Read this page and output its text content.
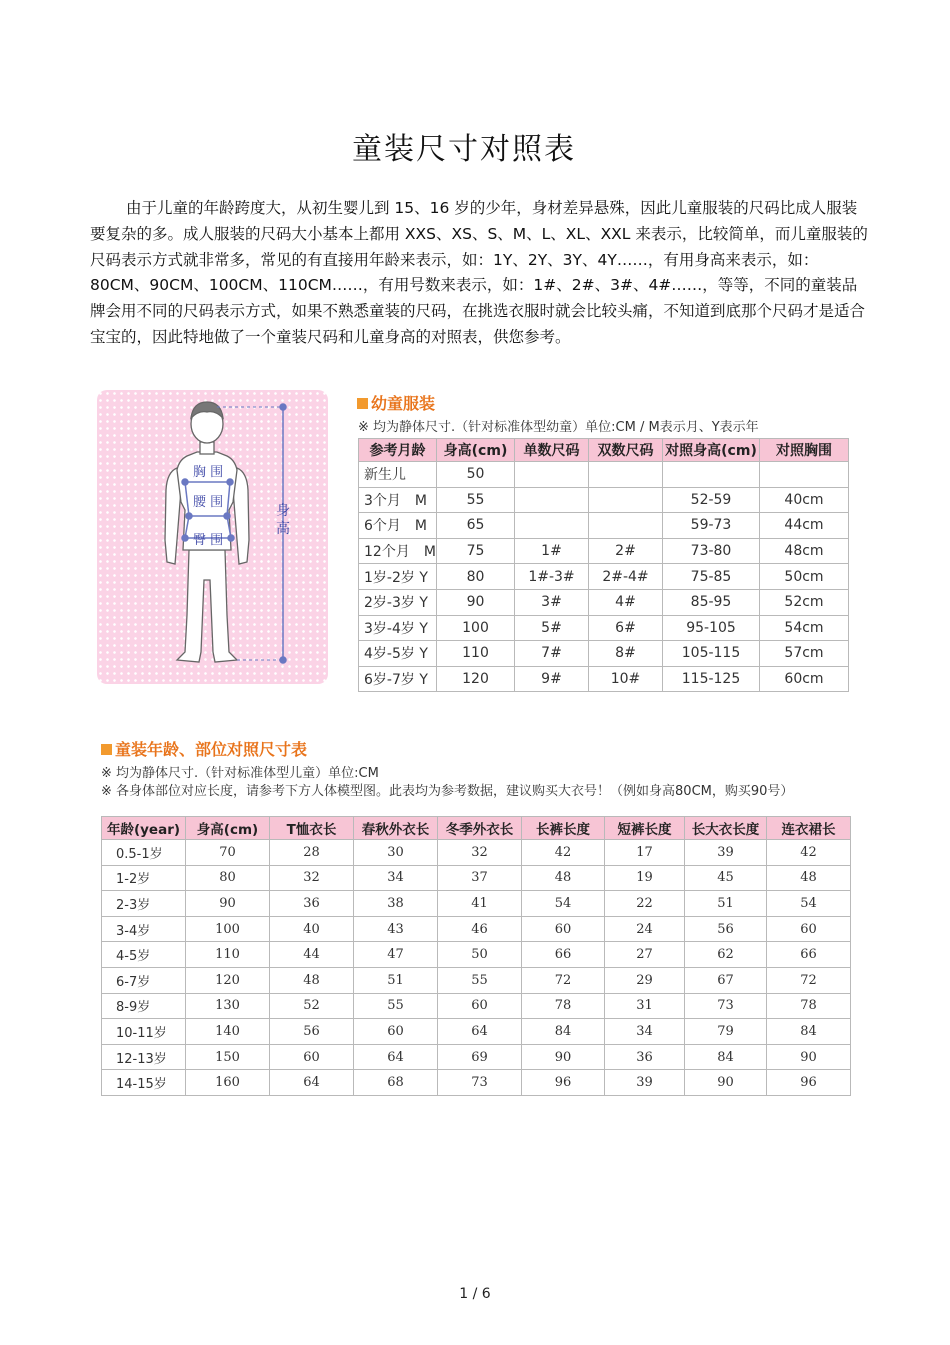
童装尺寸对照表

由于儿童的年龄跨度大，从初生婴儿到 15、16 岁的少年，身材差异悬殊，因此儿童服装的尺码比成人服装要复杂的多。成人服装的尺码大小基本上都用 XXS、XS、S、M、L、XL、XXL 来表示，比较简单，而儿童服装的尺码表示方式就非常多，常见的有直接用年龄来表示，如：1Y、2Y、3Y、4Y……，有用身高来表示，如：80CM、90CM、100CM、110CM……，有用号数来表示，如：1#、2#、3#、4#……，等等，不同的童装品牌会用不同的尺码表示方式，如果不熟悉童装的尺码，在挑选衣服时就会比较头痛，不知道到底那个尺码才是适合宝宝的，因此特地做了一个童装尺码和儿童身高的对照表，供您参考。

胸 围
腰 围
臀 围
身
高
幼童服装
※ 均为静体尺寸.（针对标准体型幼童）单位:CM / M表示月、Y表示年
参考月龄	身高(cm)	单数尺码	双数尺码	对照身高(cm)	对照胸围
新生儿	50				
3个月　M	55			52-59	40cm
6个月　M	65			59-73	44cm
12个月　M	75	1#	2#	73-80	48cm
1岁-2岁 Y	80	1#-3#	2#-4#	75-85	50cm
2岁-3岁 Y	90	3#	4#	85-95	52cm
3岁-4岁 Y	100	5#	6#	95-105	54cm
4岁-5岁 Y	110	7#	8#	105-115	57cm
6岁-7岁 Y	120	9#	10#	115-125	60cm
童装年龄、部位对照尺寸表
※ 均为静体尺寸.（针对标准体型儿童）单位:CM
※ 各身体部位对应长度，请参考下方人体模型图。此表均为参考数据，建议购买大衣号！（例如身高80CM，购买90号）
年龄(year)	身高(cm)	T恤衣长	春秋外衣长	冬季外衣长	长裤长度	短裤长度	长大衣长度	连衣裙长
0.5-1岁	70	28	30	32	42	17	39	42
1-2岁	80	32	34	37	48	19	45	48
2-3岁	90	36	38	41	54	22	51	54
3-4岁	100	40	43	46	60	24	56	60
4-5岁	110	44	47	50	66	27	62	66
6-7岁	120	48	51	55	72	29	67	72
8-9岁	130	52	55	60	78	31	73	78
10-11岁	140	56	60	64	84	34	79	84
12-13岁	150	60	64	69	90	36	84	90
14-15岁	160	64	68	73	96	39	90	96
1 / 6
